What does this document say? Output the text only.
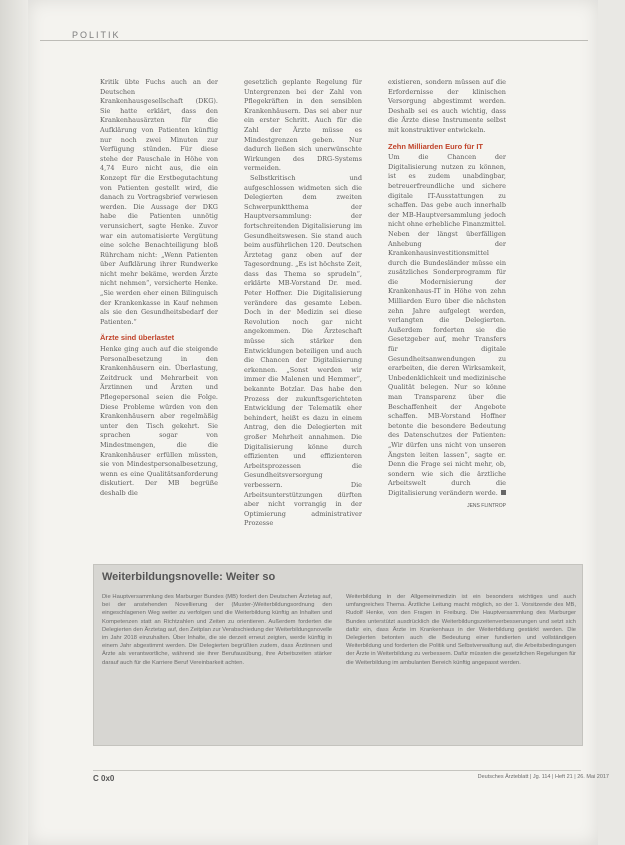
POLITIK

Kritik übte Fuchs auch an der Deutschen Krankenhausgesellschaft (DKG). Sie hatte erklärt, dass den Krankenhausärzten für die Aufklärung von Patienten künftig nur noch zwei Minuten zur Verfügung stünden. Für diese stehe der Pauschale in Höhe von 4,74 Euro nicht aus, die ein Konzept für die Erstbegutachtung von Patienten gestellt wird, die danach zu Vortragsbrief verwiesen werden. Die Aussage der DKG habe die Patienten unnötig verunsichert, sagte Henke. Zuvor war ein automatisierte Vergütung eine solche Benachteiligung bloß Rührcham nicht: „Wenn Patienten über Aufklärung ihrer Rundwerke nicht mehr bekäme, werden Ärzte nicht nehmen“, versicherte Henke. „Sie werden eher einen Bilinguisch der Krankenkasse in Kauf nehmen als sie den Gesundheitsbedarf der Patienten.“

Ärzte sind überlastet

Henke ging auch auf die steigende Personalbesetzung in den Krankenhäusern ein. Überlastung, Zeitdruck und Mehrarbeit von Ärztinnen und Ärzten und Pflegepersonal seien die Folge. Diese Probleme würden von den Krankenhäusern aber regelmäßig unter den Tisch gekehrt. Sie sprachen sogar von Mindestmengen, die die Krankenhäuser erfüllen müssten, sie von Mindestpersonalbesetzung, wenn es eine Qualitätsanforderung diskutiert. Der MB begrüße deshalb die

gesetzlich geplante Regelung für Untergrenzen bei der Zahl von Pflegekräften in den sensiblen Krankenhäusern. Das sei aber nur ein erster Schritt. Auch für die Zahl der Ärzte müsse es Mindestgrenzen geben. Nur dadurch ließen sich unerwünschte Wirkungen des DRG-Systems vermeiden.

Selbstkritisch und aufgeschlossen widmeten sich die Delegierten dem zweiten Schwerpunktthema der Hauptversammlung: der fortschreitenden Digitalisierung im Gesundheitswesen. Sie stand auch beim ausführlichen 120. Deutschen Ärztetag ganz oben auf der Tagesordnung. „Es ist höchste Zeit, dass das Thema so sprudeln“, erklärte MB-Vorstand Dr. med. Peter Hoffner. Die Digitalisierung verändere das gesamte Leben. Doch in der Medizin sei diese Revolution noch gar nicht angekommen. Die Ärzteschaft müsse sich stärker den Entwicklungen beteiligen und auch die Chancen der Digitalisierung erkennen. „Sonst werden wir immer die Malenen und Hemmer“, bekannte Botzlar. Das habe den Prozess der zukunftsgerichteten Entwicklung der Telematik eher behindert, heißt es dazu in einem Antrag, den die Delegierten mit großer Mehrheit annahmen. Die Digitalisierung könne durch effizienten und effizienteren Arbeitsprozessen die Gesundheitsversorgung verbessern. Die Arbeitsunterstützungen dürften aber nicht vorrangig in der Optimierung administrativer Prozesse

existieren, sondern müssen auf die Erfordernisse der klinischen Versorgung abgestimmt werden. Deshalb sei es auch wichtig, dass die Ärzte diese Instrumente selbst mit konstruktiver entwickeln.

Zehn Milliarden Euro für IT

Um die Chancen der Digitalisierung nutzen zu können, ist es zudem unabdingbar, betreuerfreundliche und sichere digitale IT-Ausstattungen zu schaffen. Das gebe auch innerhalb der MB-Hauptversammlung jedoch nicht ohne erhebliche Finanzmittel. Neben der längst überfälligen Anhebung der Krankenhausinvestitionsmittel durch die Bundesländer müsse ein zusätzliches Sonderprogramm für die Modernisierung der Krankenhaus-IT in Höhe von zehn Milliarden Euro über die nächsten zehn Jahre aufgelegt werden, verlangten die Delegierten. Außerdem forderten sie die Gesetzgeber auf, mehr Transfers für digitale Gesundheitsanwendungen zu erarbeiten, die deren Wirksamkeit, Unbedenklichkeit und medizinische Qualität belegen. Nur so könne man Transparenz über die Beschaffenheit der Angebote schaffen. MB-Vorstand Hoffner betonte die besondere Bedeutung des Datenschutzes der Patienten: „Wir dürfen uns nicht von unseren Ängsten leiten lassen“, sagte er. Denn die Frage sei nicht mehr, ob, sondern wie sich die ärztliche Arbeitswelt durch die Digitalisierung verändern werde.

JENS FLINTROP
Weiterbildungsnovelle: Weiter so
Die Hauptversammlung des Marburger Bundes (MB) fordert den Deutschen Ärztetag auf, bei der anstehenden Novellierung der (Muster-)Weiterbildungsordnung den eingeschlagenen Weg weiter zu verfolgen und die Weiterbildung künftig an Inhalten und Kompetenzen statt an Richtzahlen und Zeiten zu orientieren. Außerdem forderten die Delegierten den Ärztetag auf, den Zeitplan zur Verabschiedung der Weiterbildungsnovelle im Jahr 2018 einzuhalten. Über Inhalte, die sie derzeit erneut zeigten, werde künftig in einem Jahr abgestimmt werden. Die Delegierten begrüßten zudem, dass Ärztinnen und Ärzte als verantwortliche, während sie ihrer Berufausübung, ihre Arbeitszeiten stärker darauf auch für die Karriere Beruf Vereinbarkeit achten.
Weiterbildung in der Allgemeinmedizin ist ein besonders wichtiges und auch umfangreiches Thema. Ärztliche Leitung macht möglich, so der 1. Vorsitzende des MB, Rudolf Henke, von den Fragen in Freiburg. Die Hauptversammlung des Marburger Bundes unterstützt ausdrücklich die Weiterbildungszeitenverbesserungen und setzt sich dafür ein, dass Ärzte im Krankenhaus in der Weiterbildung gestärkt werden. Die Delegierten betonten auch die Bedeutung einer fundierten und vollständigen Weiterbildung und forderten die Politik und Selbstverwaltung auf, die Arbeitsbedingungen der Ärzte in Weiterbildung zu verbessern. Dafür müssten die gesetzlichen Regelungen für die Weiterbildung im ambulanten Bereich künftig angepasst werden.
C 0x0	Deutsches Ärzteblatt | Jg. 114 | Heft 21 | 26. Mai 2017
